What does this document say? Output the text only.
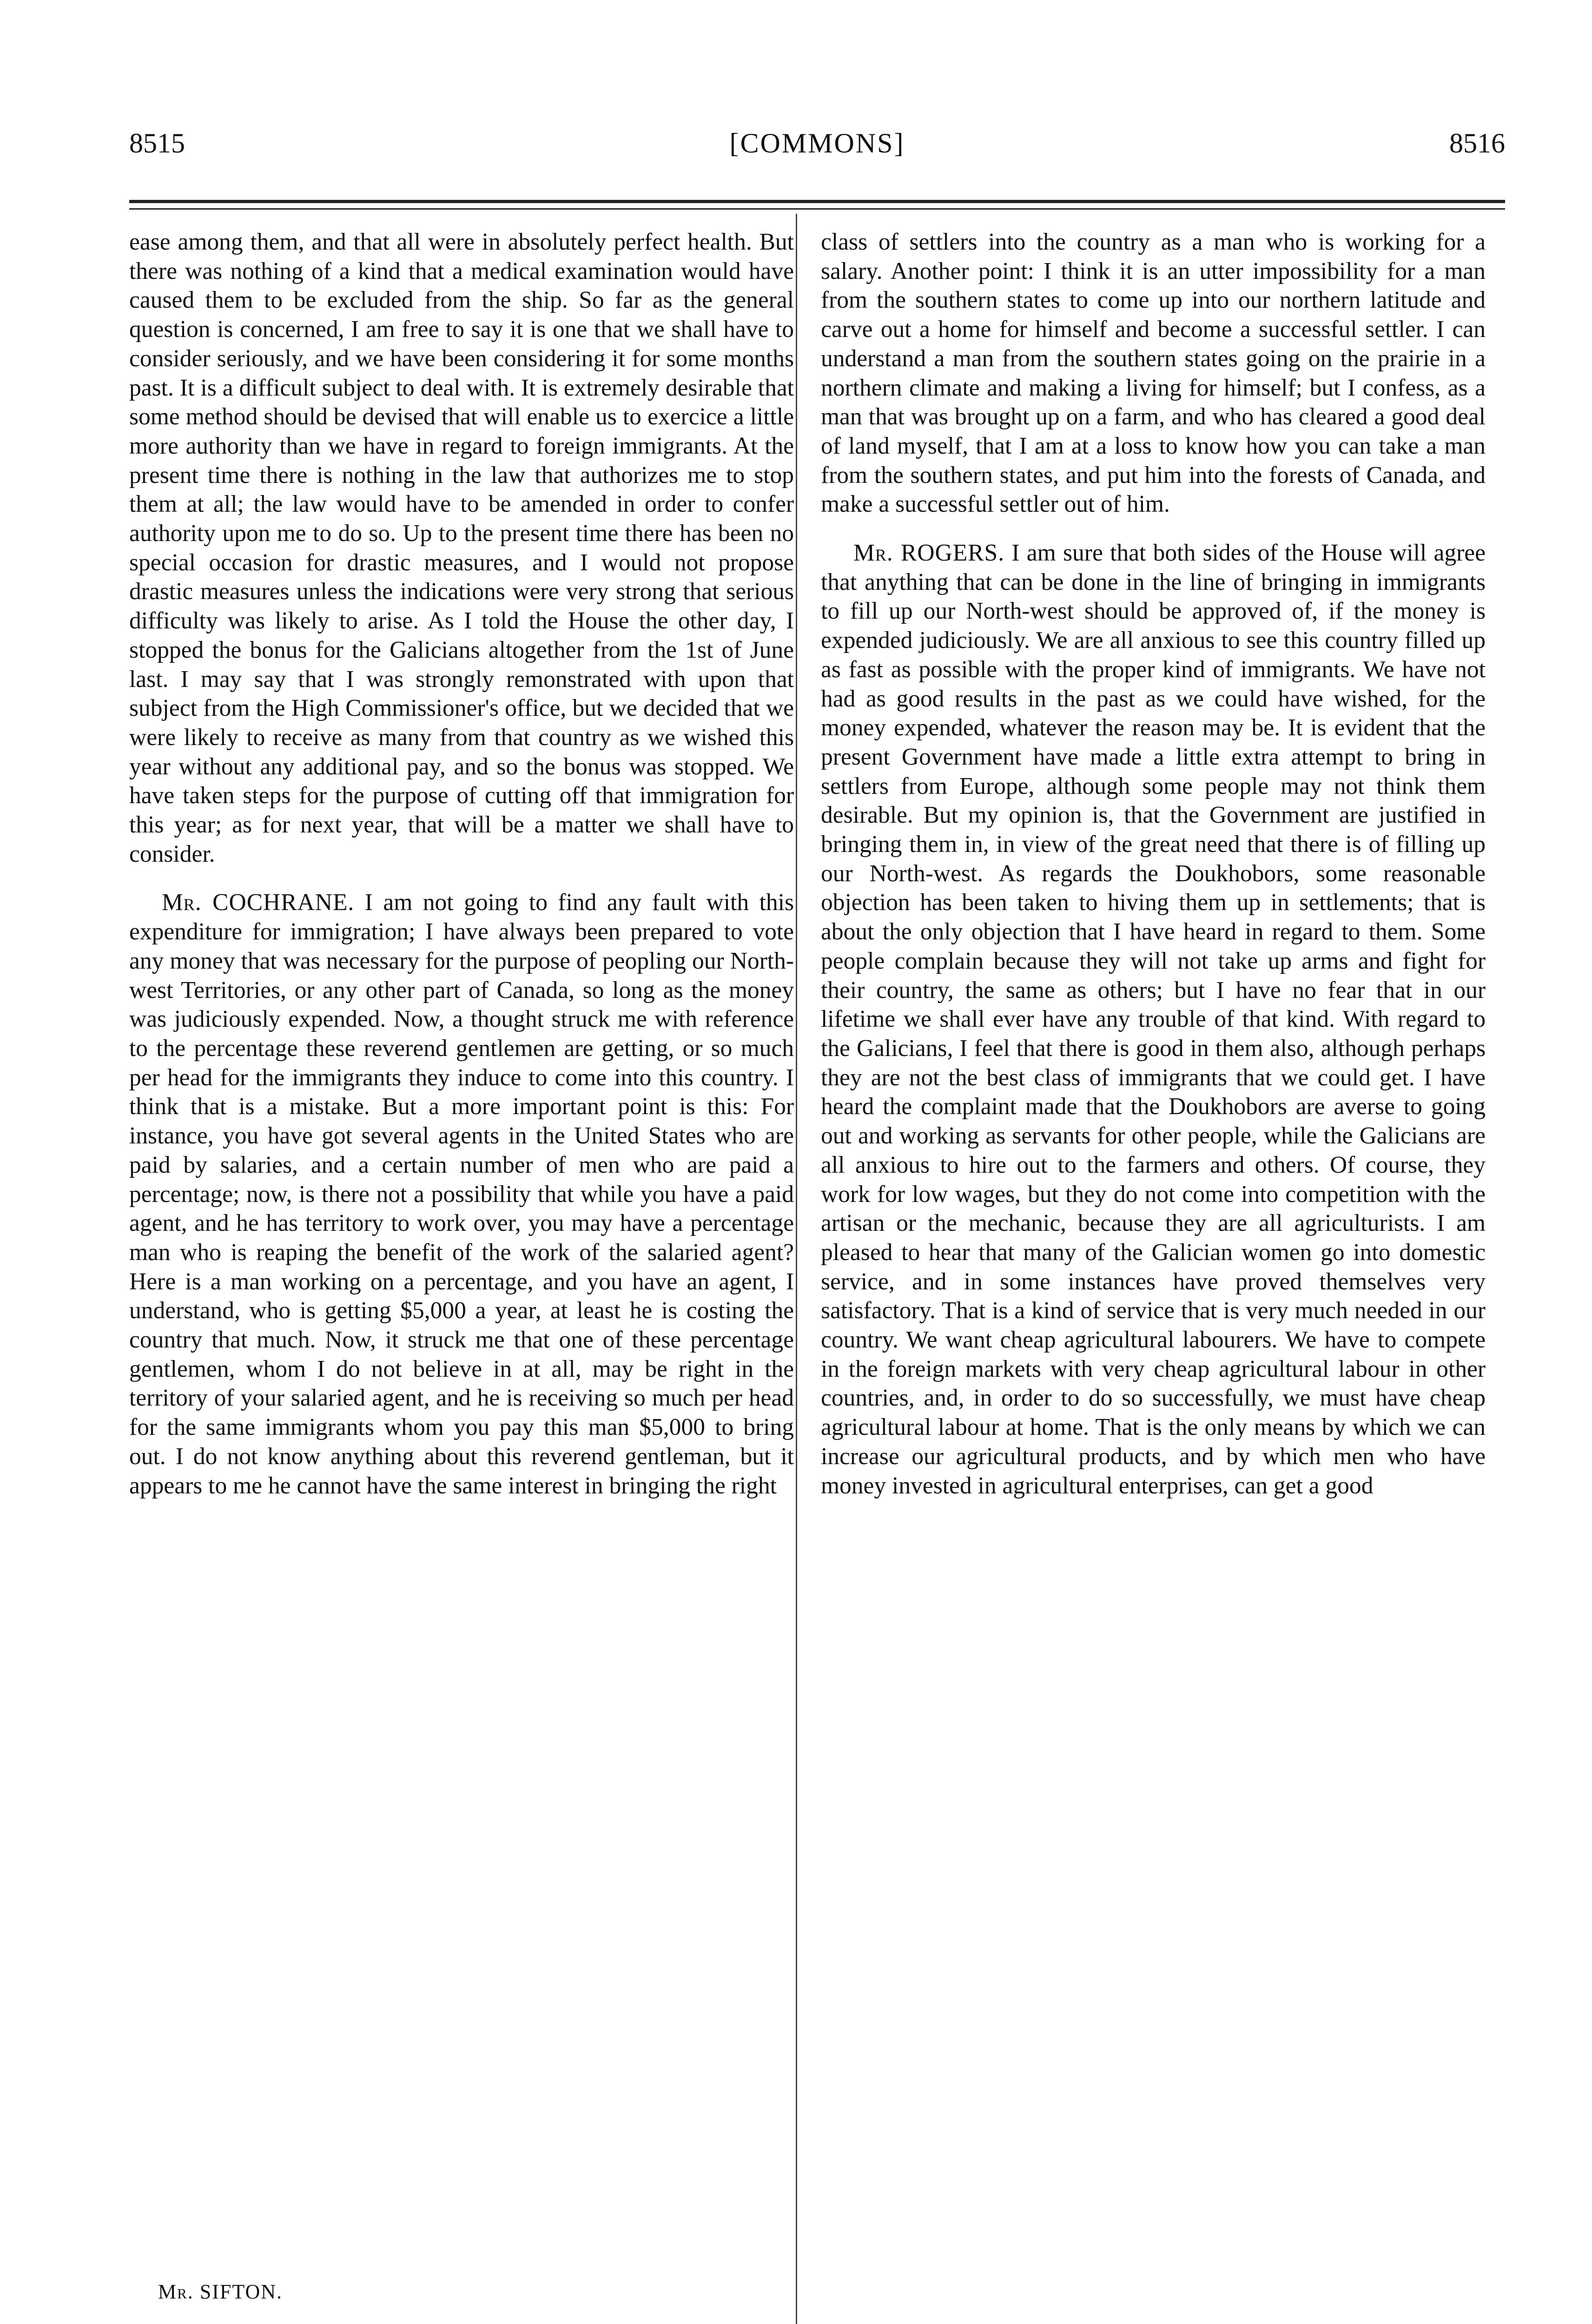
8515	[COMMONS]	8516

ease among them, and that all were in absolutely perfect health. But there was nothing of a kind that a medical examination would have caused them to be excluded from the ship. So far as the general question is concerned, I am free to say it is one that we shall have to consider seriously, and we have been considering it for some months past. It is a difficult subject to deal with. It is extremely desirable that some method should be devised that will enable us to exercice a little more authority than we have in regard to foreign immigrants. At the present time there is nothing in the law that authorizes me to stop them at all; the law would have to be amended in order to confer authority upon me to do so. Up to the present time there has been no special occasion for drastic measures, and I would not propose drastic measures unless the indications were very strong that serious difficulty was likely to arise. As I told the House the other day, I stopped the bonus for the Galicians altogether from the 1st of June last. I may say that I was strongly remonstrated with upon that subject from the High Commissioner's office, but we decided that we were likely to receive as many from that country as we wished this year without any additional pay, and so the bonus was stopped. We have taken steps for the purpose of cutting off that immigration for this year; as for next year, that will be a matter we shall have to consider.

Mr. COCHRANE. I am not going to find any fault with this expenditure for immigration; I have always been prepared to vote any money that was necessary for the purpose of peopling our North-west Territories, or any other part of Canada, so long as the money was judiciously expended. Now, a thought struck me with reference to the percentage these reverend gentlemen are getting, or so much per head for the immigrants they induce to come into this country. I think that is a mistake. But a more important point is this: For instance, you have got several agents in the United States who are paid by salaries, and a certain number of men who are paid a percentage; now, is there not a possibility that while you have a paid agent, and he has territory to work over, you may have a percentage man who is reaping the benefit of the work of the salaried agent? Here is a man working on a percentage, and you have an agent, I understand, who is getting $5,000 a year, at least he is costing the country that much. Now, it struck me that one of these percentage gentlemen, whom I do not believe in at all, may be right in the territory of your salaried agent, and he is receiving so much per head for the same immigrants whom you pay this man $5,000 to bring out. I do not know anything about this reverend gentleman, but it appears to me he cannot have the same interest in bringing the right

class of settlers into the country as a man who is working for a salary. Another point: I think it is an utter impossibility for a man from the southern states to come up into our northern latitude and carve out a home for himself and become a successful settler. I can understand a man from the southern states going on the prairie in a northern climate and making a living for himself; but I confess, as a man that was brought up on a farm, and who has cleared a good deal of land myself, that I am at a loss to know how you can take a man from the southern states, and put him into the forests of Canada, and make a successful settler out of him.

Mr. ROGERS. I am sure that both sides of the House will agree that anything that can be done in the line of bringing in immigrants to fill up our North-west should be approved of, if the money is expended judiciously. We are all anxious to see this country filled up as fast as possible with the proper kind of immigrants. We have not had as good results in the past as we could have wished, for the money expended, whatever the reason may be. It is evident that the present Government have made a little extra attempt to bring in settlers from Europe, although some people may not think them desirable. But my opinion is, that the Government are justified in bringing them in, in view of the great need that there is of filling up our North-west. As regards the Doukhobors, some reasonable objection has been taken to hiving them up in settlements; that is about the only objection that I have heard in regard to them. Some people complain because they will not take up arms and fight for their country, the same as others; but I have no fear that in our lifetime we shall ever have any trouble of that kind. With regard to the Galicians, I feel that there is good in them also, although perhaps they are not the best class of immigrants that we could get. I have heard the complaint made that the Doukhobors are averse to going out and working as servants for other people, while the Galicians are all anxious to hire out to the farmers and others. Of course, they work for low wages, but they do not come into competition with the artisan or the mechanic, because they are all agriculturists. I am pleased to hear that many of the Galician women go into domestic service, and in some instances have proved themselves very satisfactory. That is a kind of service that is very much needed in our country. We want cheap agricultural labourers. We have to compete in the foreign markets with very cheap agricultural labour in other countries, and, in order to do so successfully, we must have cheap agricultural labour at home. That is the only means by which we can increase our agricultural products, and by which men who have money invested in agricultural enterprises, can get a good

Mr. SIFTON.
